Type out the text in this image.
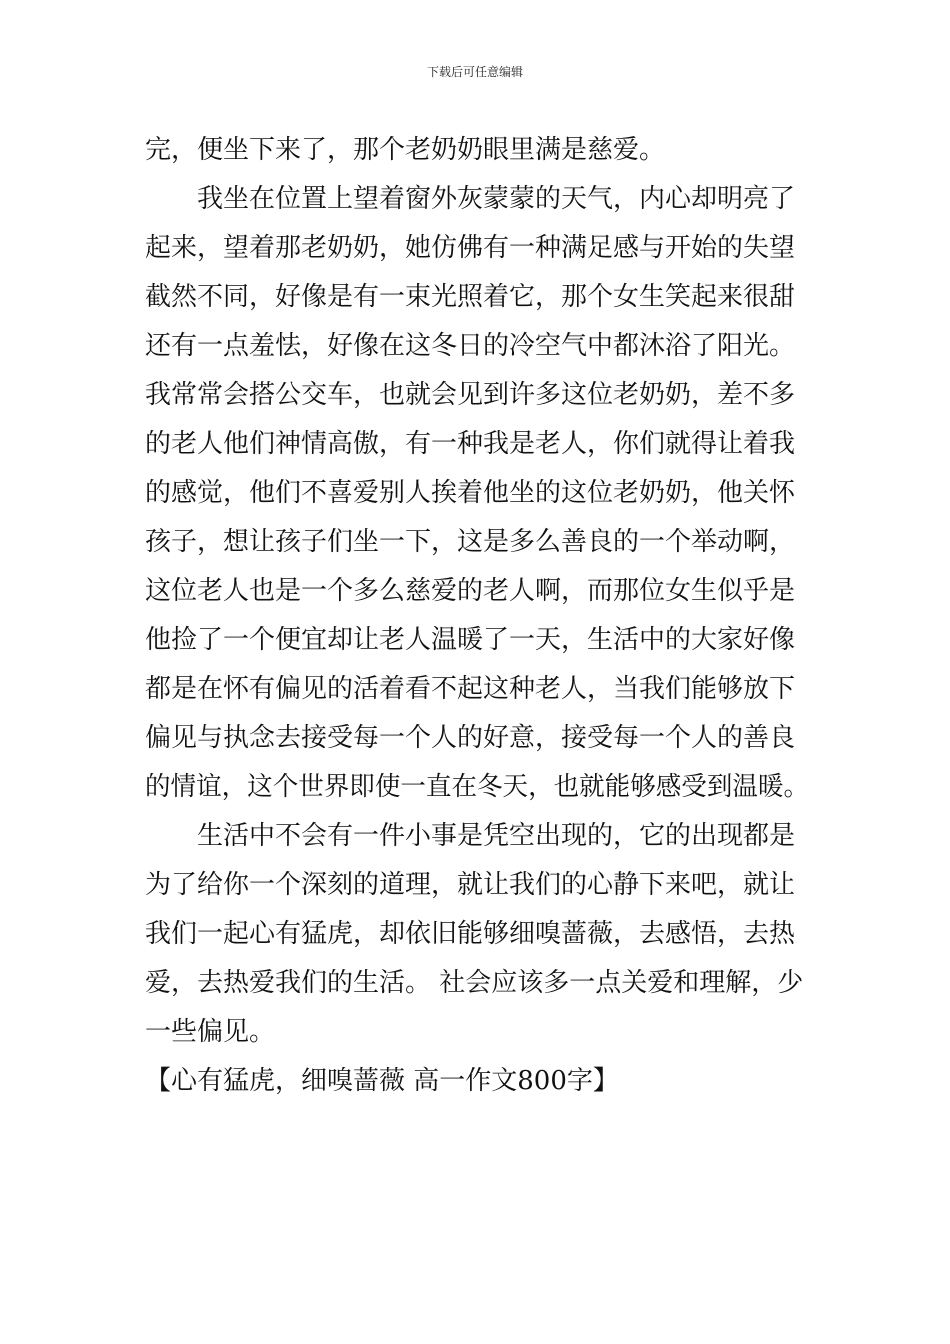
下载后可任意编辑
完，便坐下来了，那个老奶奶眼里满是慈爱。
我坐在位置上望着窗外灰蒙蒙的天气，内心却明亮了
起来，望着那老奶奶，她仿佛有一种满足感与开始的失望
截然不同，好像是有一束光照着它，那个女生笑起来很甜
还有一点羞怯，好像在这冬日的冷空气中都沐浴了阳光。
我常常会搭公交车，也就会见到许多这位老奶奶，差不多
的老人他们神情高傲，有一种我是老人，你们就得让着我
的感觉，他们不喜爱别人挨着他坐的这位老奶奶，他关怀
孩子，想让孩子们坐一下，这是多么善良的一个举动啊，
这位老人也是一个多么慈爱的老人啊，而那位女生似乎是
他捡了一个便宜却让老人温暖了一天，生活中的大家好像
都是在怀有偏见的活着看不起这种老人，当我们能够放下
偏见与执念去接受每一个人的好意，接受每一个人的善良
的情谊，这个世界即使一直在冬天，也就能够感受到温暖。
生活中不会有一件小事是凭空出现的，它的出现都是
为了给你一个深刻的道理，就让我们的心静下来吧，就让
我们一起心有猛虎，却依旧能够细嗅蔷薇，去感悟，去热
爱，去热爱我们的生活。 社会应该多一点关爱和理解，少
一些偏见。
【心有猛虎，细嗅蔷薇 高一作文800字】
